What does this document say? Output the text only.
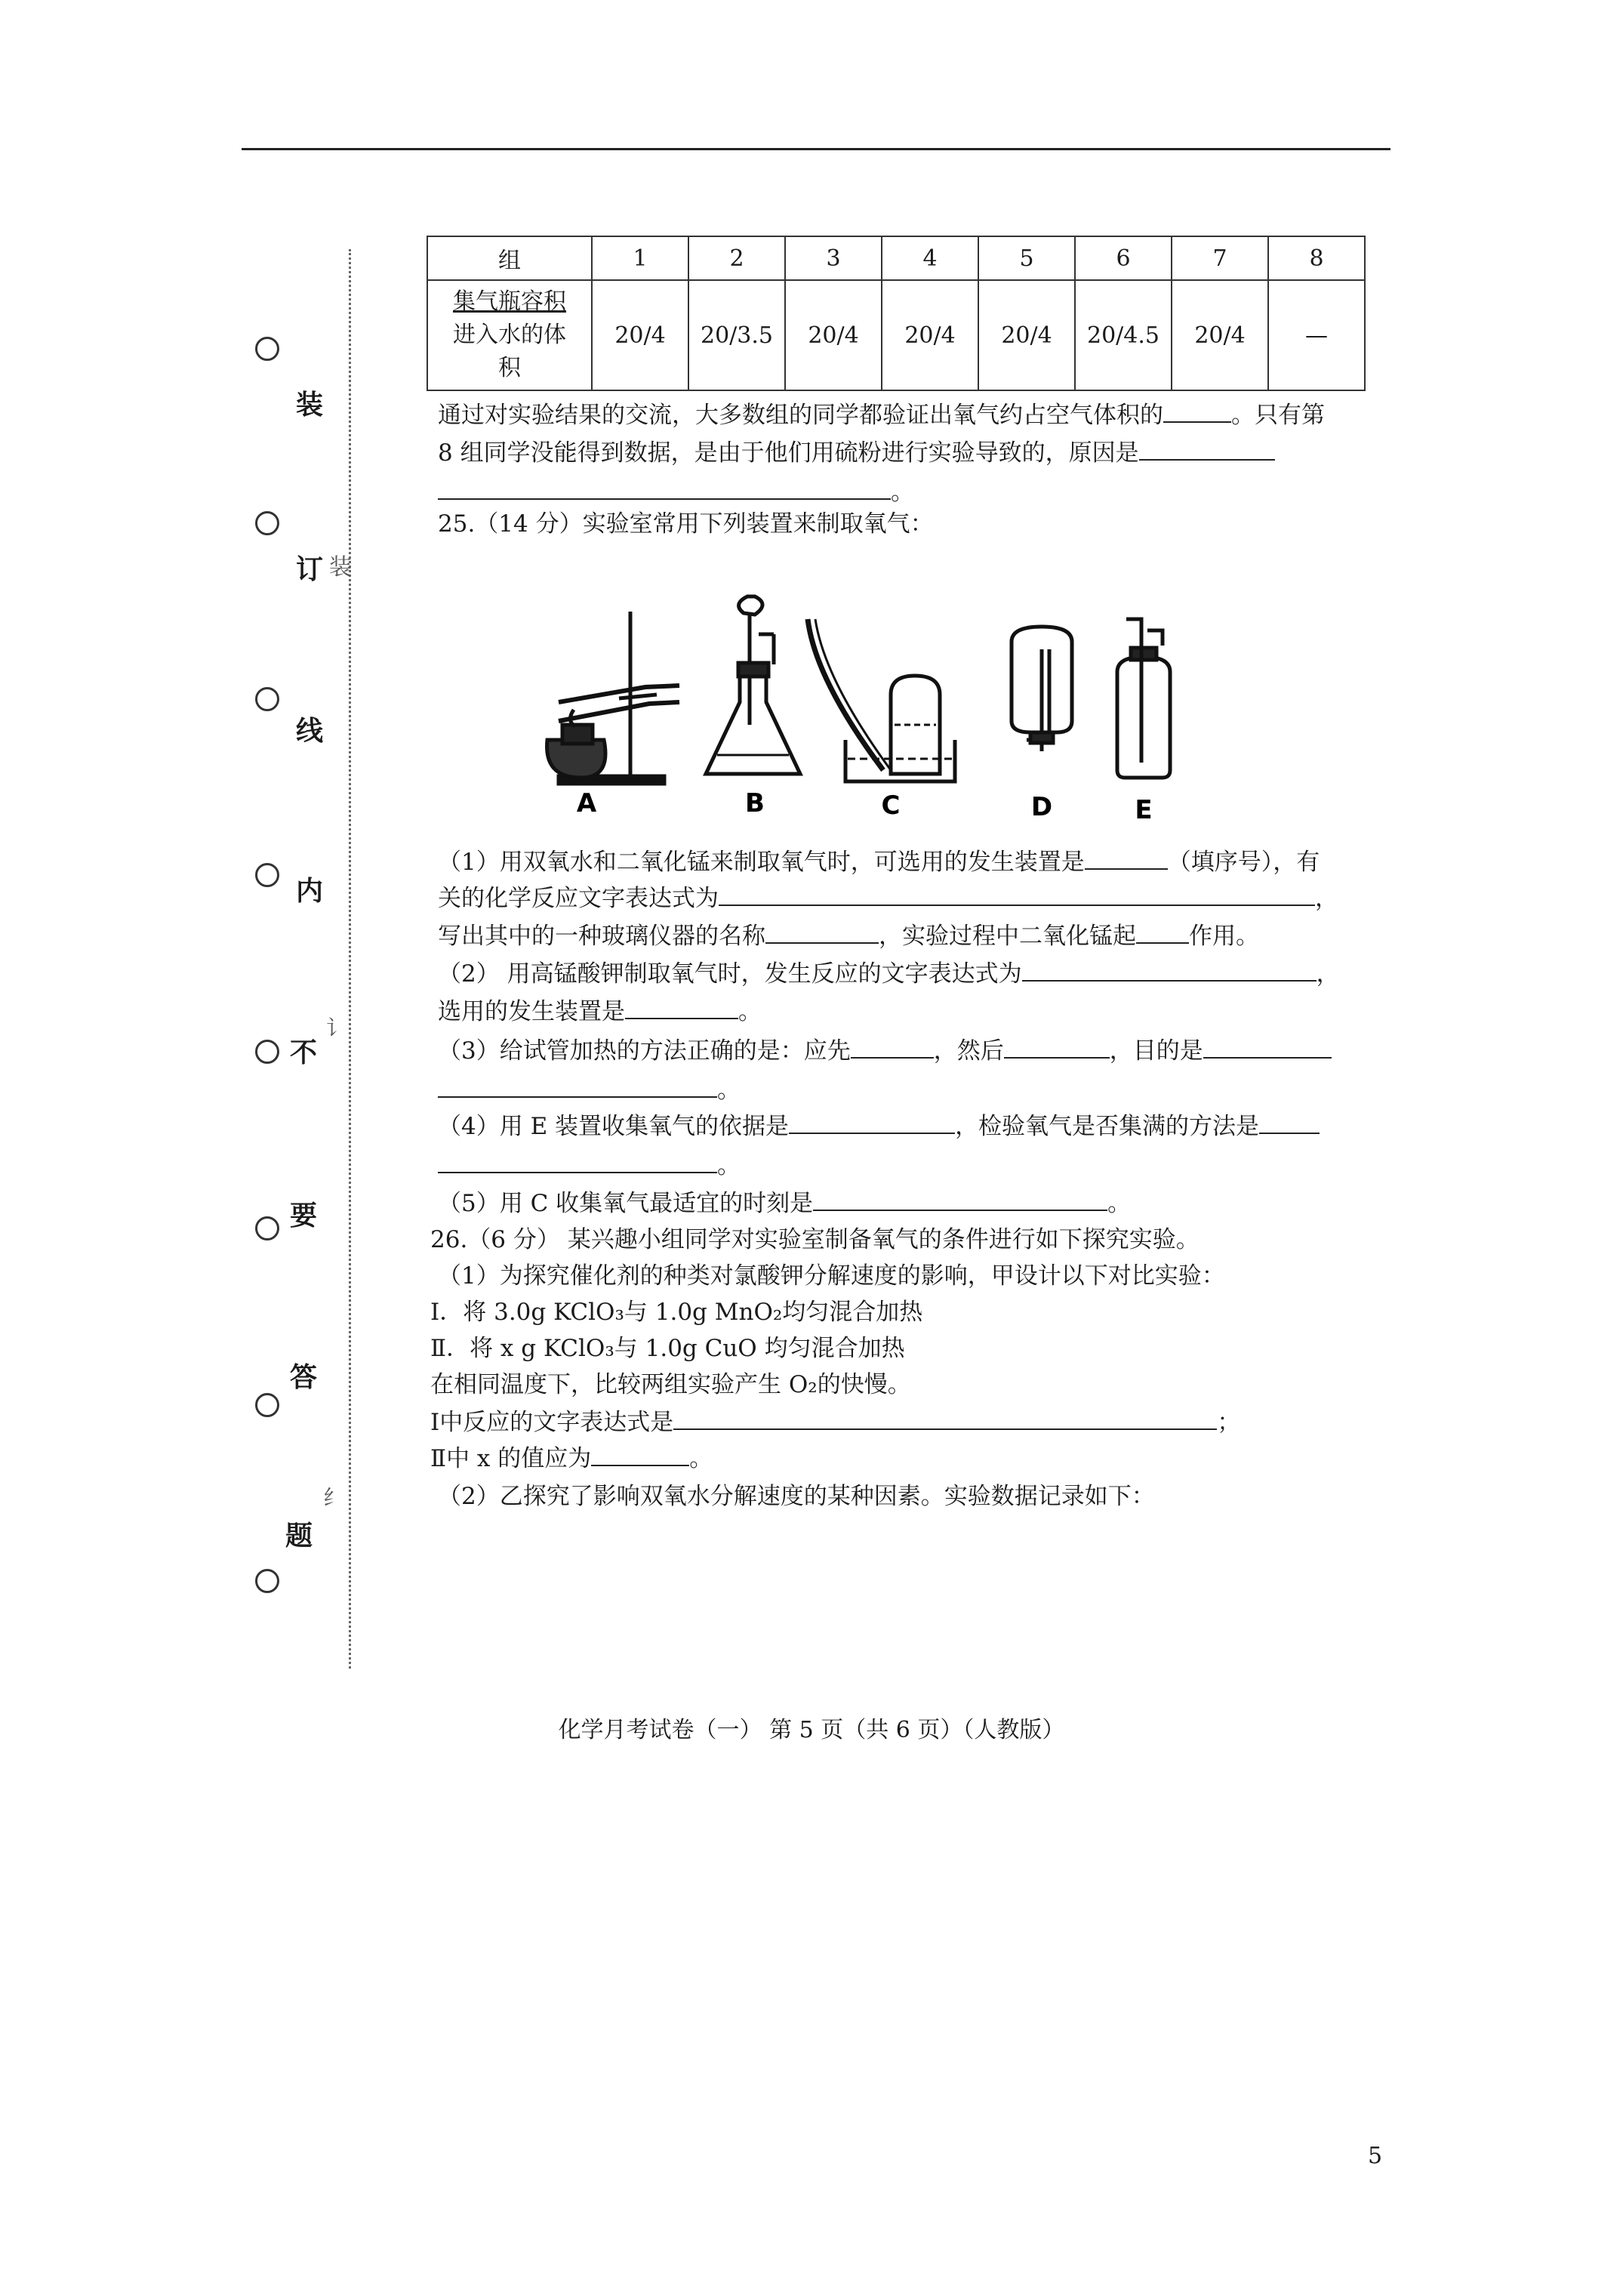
装
订 装
线
内
不
讠
要
答
纟
题
组	1	2	3	4	5	6	7	8

集气瓶容积
进入水的体
积	20/4	20/3.5	20/4	20/4	20/4	20/4.5	20/4	—
通过对实验结果的交流，大多数组的同学都验证出氧气约占空气体积的	。只有第
8 组同学没能得到数据，是由于他们用硫粉进行实验导致的，原因是
。
25.（14 分）实验室常用下列装置来制取氧气：
A	B	C	D	E
（1）用双氧水和二氧化锰来制取氧气时，可选用的发生装置是	（填序号），有
关的化学反应文字表达式为	，
写出其中的一种玻璃仪器的名称	，实验过程中二氧化锰起 作用。
（2） 用高锰酸钾制取氧气时，发生反应的文字表达式为	，
选用的发生装置是	。
（3）给试管加热的方法正确的是：应先	，然后	，目的是
。
（4）用 E 装置收集氧气的依据是	，检验氧气是否集满的方法是
。
（5）用 C 收集氧气最适宜的时刻是	。
26.（6 分） 某兴趣小组同学对实验室制备氧气的条件进行如下探究实验。
（1）为探究催化剂的种类对氯酸钾分解速度的影响，甲设计以下对比实验：
Ⅰ．将 3.0g KClO₃与 1.0g MnO₂均匀混合加热
Ⅱ．将 x g KClO₃与 1.0g CuO 均匀混合加热
在相同温度下，比较两组实验产生 O₂的快慢。
Ⅰ中反应的文字表达式是	；
Ⅱ中 x 的值应为	。
（2）乙探究了影响双氧水分解速度的某种因素。实验数据记录如下：
化学月考试卷（一） 第 5 页（共 6 页）（人教版）
5
